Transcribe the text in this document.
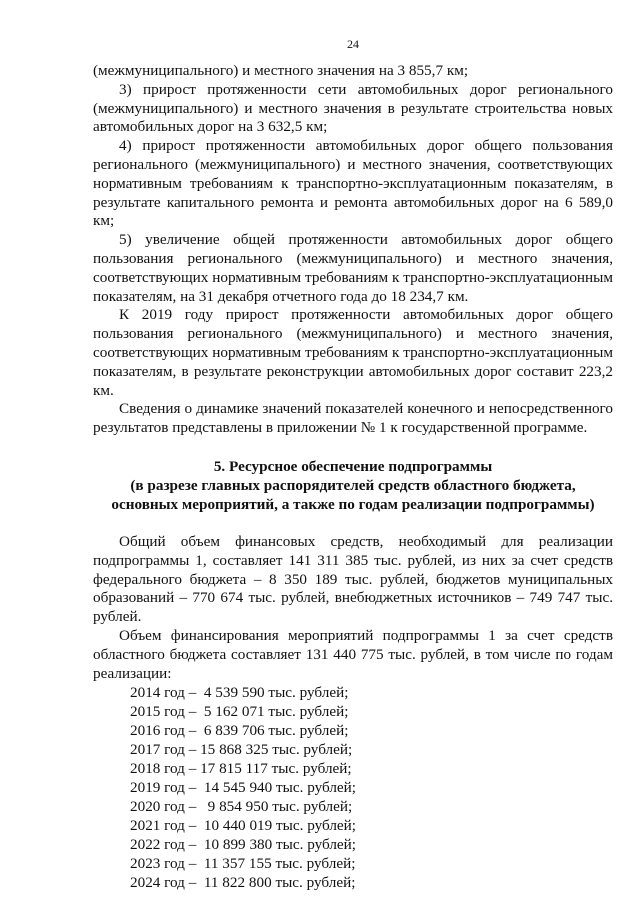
24

(межмуниципального) и местного значения на 3 855,7 км;

3) прирост протяженности сети автомобильных дорог регионального (межмуниципального) и местного значения в результате строительства новых автомобильных дорог на 3 632,5 км;

4) прирост протяженности автомобильных дорог общего пользования регионального (межмуниципального) и местного значения, соответствующих нормативным требованиям к транспортно-эксплуатационным показателям, в результате капитального ремонта и ремонта автомобильных дорог на 6 589,0 км;

5) увеличение общей протяженности автомобильных дорог общего пользования регионального (межмуниципального) и местного значения, соответствующих нормативным требованиям к транспортно-эксплуатационным показателям, на 31 декабря отчетного года до 18 234,7 км.

К 2019 году прирост протяженности автомобильных дорог общего пользования регионального (межмуниципального) и местного значения, соответствующих нормативным требованиям к транспортно-эксплуатационным показателям, в результате реконструкции автомобильных дорог составит 223,2 км.

Сведения о динамике значений показателей конечного и непосредственного результатов представлены в приложении № 1 к государственной программе.

5. Ресурсное обеспечение подпрограммы
(в разрезе главных распорядителей средств областного бюджета,
основных мероприятий, а также по годам реализации подпрограммы)

Общий объем финансовых средств, необходимый для реализации подпрограммы 1, составляет 141 311 385 тыс. рублей, из них за счет средств федерального бюджета – 8 350 189 тыс. рублей, бюджетов муниципальных образований – 770 674 тыс. рублей, внебюджетных источников – 749 747 тыс. рублей.

Объем финансирования мероприятий подпрограммы 1 за счет средств областного бюджета составляет 131 440 775 тыс. рублей, в том числе по годам реализации:

2014 год –  4 539 590 тыс. рублей;
2015 год –  5 162 071 тыс. рублей;
2016 год –  6 839 706 тыс. рублей;
2017 год – 15 868 325 тыс. рублей;
2018 год – 17 815 117 тыс. рублей;
2019 год –  14 545 940 тыс. рублей;
2020 год –   9 854 950 тыс. рублей;
2021 год –  10 440 019 тыс. рублей;
2022 год –  10 899 380 тыс. рублей;
2023 год –  11 357 155 тыс. рублей;
2024 год –  11 822 800 тыс. рублей;
